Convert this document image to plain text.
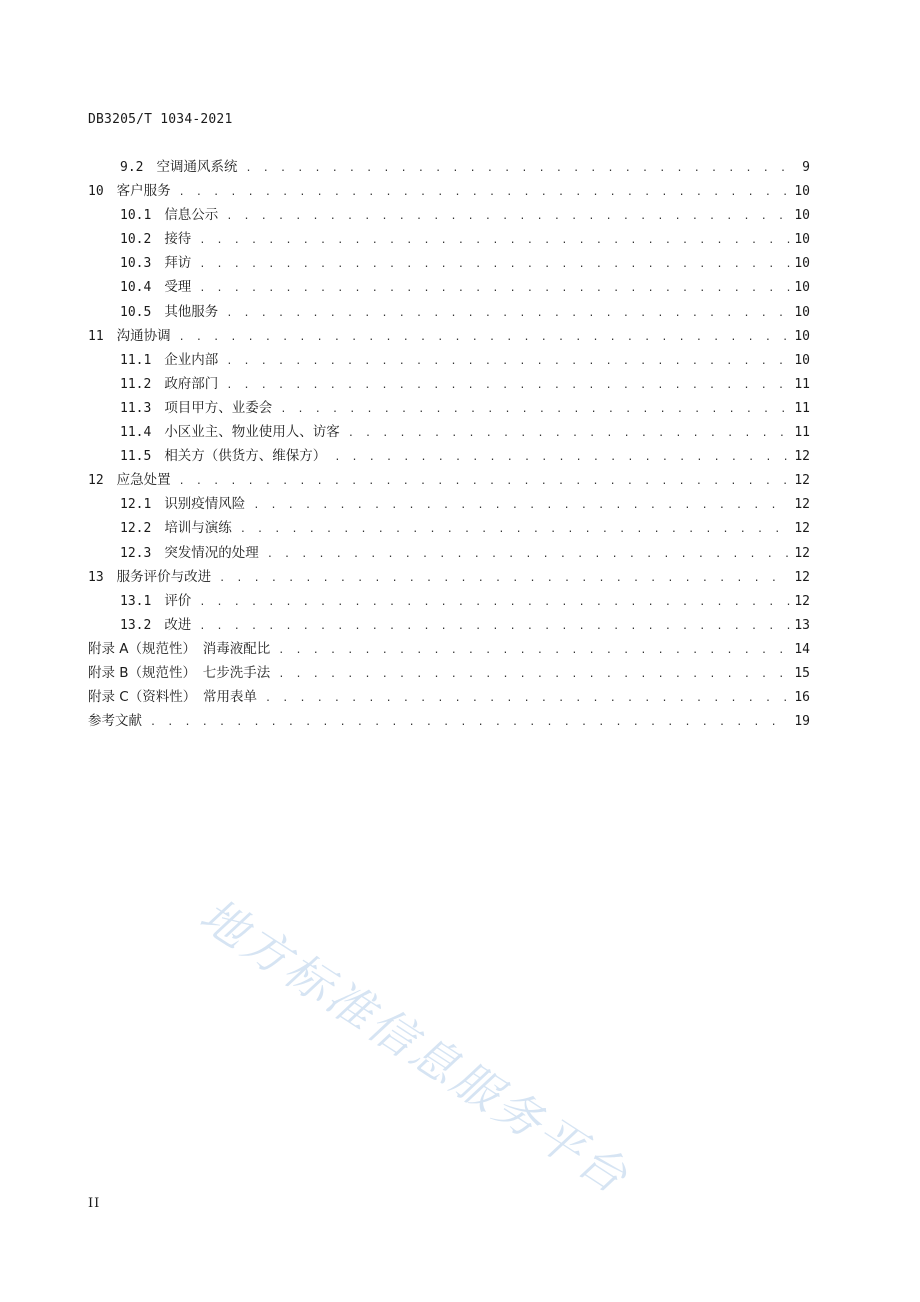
DB3205/T 1034-2021
9.2 空调通风系统 . . .	9
10 客户服务 . . .	10
10.1 信息公示 . . .	10
10.2 接待 . . .	10
10.3 拜访 . . .	10
10.4 受理 . . .	10
10.5 其他服务 . . .	10
11 沟通协调 . . .	10
11.1 企业内部 . . .	10
11.2 政府部门 . . .	11
11.3 项目甲方、业委会 . . .	11
11.4 小区业主、物业使用人、访客 . . .	11
11.5 相关方（供货方、维保方） . . .	12
12 应急处置 . . .	12
12.1 识别疫情风险 . . .	12
12.2 培训与演练 . . .	12
12.3 突发情况的处理 . . .	12
13 服务评价与改进 . . .	12
13.1 评价 . . .	12
13.2 改进 . . .	13
附录 A（规范性）　消毒液配比 . . .	14
附录 B（规范性）　七步洗手法 . . .	15
附录 C（资料性）　常用表单 . . .	16
参考文献 . . .	19
地方标准信息服务平台
II
